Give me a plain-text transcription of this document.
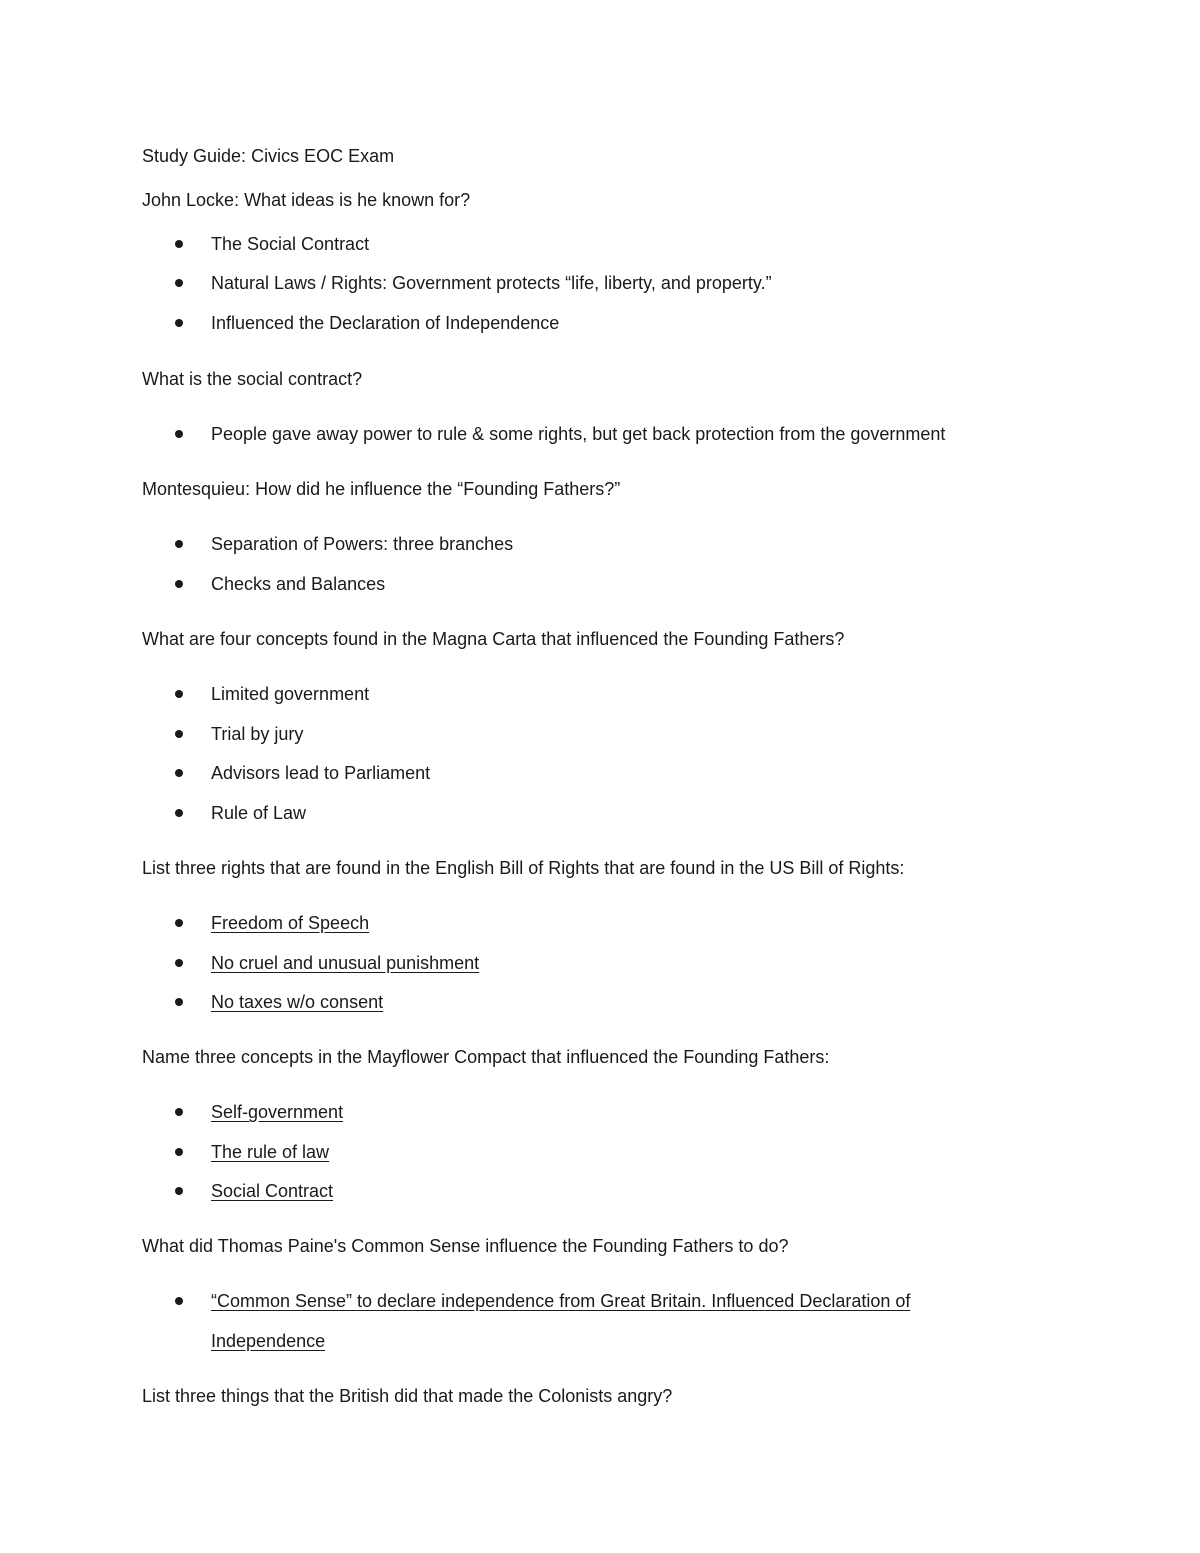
Study Guide: Civics EOC Exam
John Locke: What ideas is he known for?
The Social Contract
Natural Laws / Rights: Government protects “life, liberty, and property.”
Influenced the Declaration of Independence
What is the social contract?
People gave away power to rule & some rights, but get back protection from the government
Montesquieu: How did he influence the “Founding Fathers?”
Separation of Powers: three branches
Checks and Balances
What are four concepts found in the Magna Carta that influenced the Founding Fathers?
Limited government
Trial by jury
Advisors lead to Parliament
Rule of Law
List three rights that are found in the English Bill of Rights that are found in the US Bill of Rights:
Freedom of Speech
No cruel and unusual punishment
No taxes w/o consent
Name three concepts in the Mayflower Compact that influenced the Founding Fathers:
Self-government
The rule of law
Social Contract
What did Thomas Paine's Common Sense influence the Founding Fathers to do?
“Common Sense” to declare independence from Great Britain. Influenced Declaration of
Independence
List three things that the British did that made the Colonists angry?
